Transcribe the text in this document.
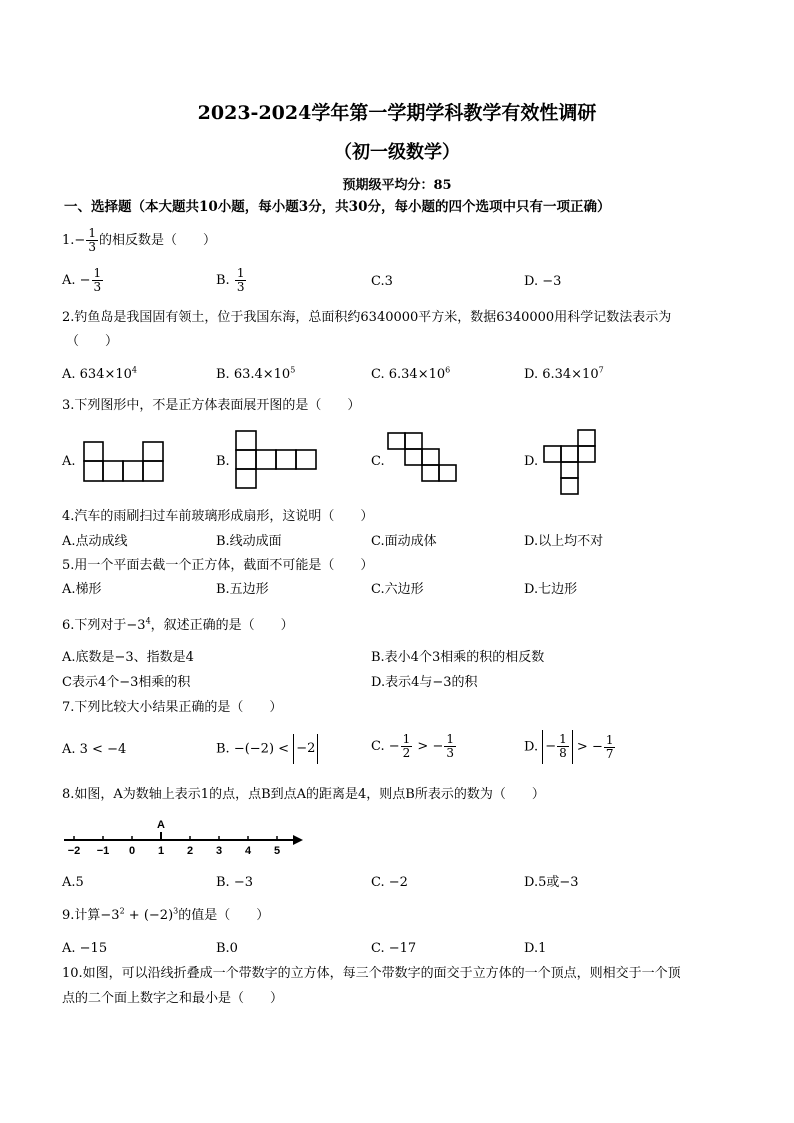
2023-2024学年第一学期学科教学有效性调研
（初一级数学）
预期级平均分：85
一、选择题（本大题共10小题，每小题3分，共30分，每小题的四个选项中只有一项正确）
$1.- \frac{1}{3}$ 的相反数是（　　）
A. − $\frac{1}{3}$	B. $\frac{1}{3}$	C.3	D. −3
2.钓鱼岛是我国固有领土，位于我国东海，总面积约6340000平方米，数据6340000用科学记数法表示为
（　　）
A. $634\times 10^4$	B. $63.4\times 10^5$	C. $6.34\times 10^6$	D. $6.34\times 10^7$
3.下列图形中，不是正方体表面展开图的是（　　）
A.	B.	C.	D.
4.汽车的雨刷扫过车前玻璃形成扇形，这说明（　　）
A.点动成线	B.线动成面	C.面动成体	D.以上均不对
5.用一个平面去截一个正方体，截面不可能是（　　）
A.梯形	B.五边形	C.六边形	D.七边形
6.下列对于$-3^4$，叙述正确的是（　　）
A.底数是−3、指数是4	B.表小4个3相乘的积的相反数
C表示4个−3相乘的积	D.表示4与−3的积
7.下列比较大小结果正确的是（　　）
A. 3 < −4	B. −(−2) < −2	C. − $\frac{1}{2}$ > − $\frac{1}{3}$	D. − $\frac{1}{8}$ > − $\frac{1}{7}$
8.如图，A为数轴上表示1的点，点B到点A的距离是4，则点B所表示的数为（　　）
A
−2 −1 0 1 2 3 4 5
A.5	B. −3	C. −2	D.5或−3
9.计算$-3^2 + (-2)^3$的值是（　　）
A. −15	B.0	C. −17	D.1
10.如图，可以沿线折叠成一个带数字的立方体，每三个带数字的面交于立方体的一个顶点，则相交于一个顶
点的二个面上数字之和最小是（　　）
